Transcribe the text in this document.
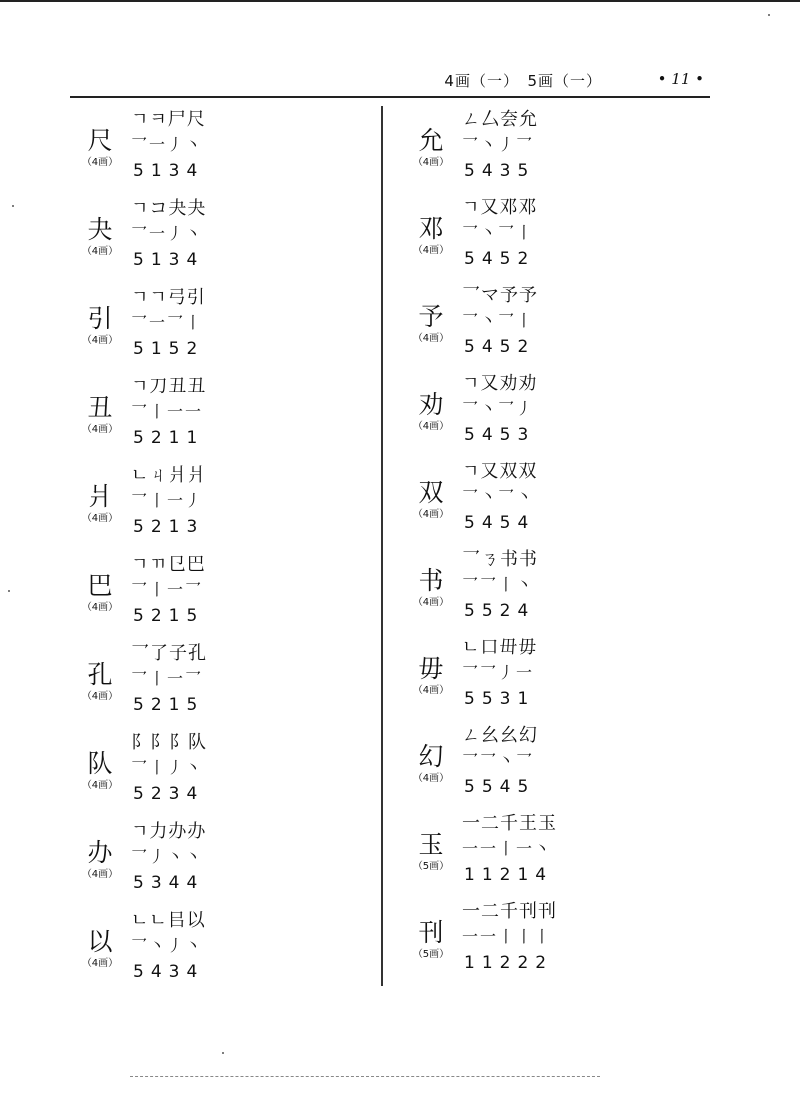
4画（一）　5画（一）	• 11 •
尺
（4画）
ㄱㅋ尸尺
乛一丿丶
5134
夬
（4画）
ㄱコ夬夬
乛一丿丶
5134
引
（4画）
ㄱㄱ弓引
乛一乛丨
5152
丑
（4画）
ㄱ刀丑丑
乛丨一一
5211
爿
（4画）
ㄴㄐ爿爿
乛丨一丿
5213
巴
（4画）
ㄱㄲ㔾巴
乛丨一乛
5215
孔
（4画）
乛了子孔
乛丨一乛
5215
队
（4画）
阝阝阝队
乛丨丿丶
5234
办
（4画）
ㄱ力办办
乛丿丶丶
5344
以
（4画）
ㄴㄴ㠯以
乛丶丿丶
5434
允
（4画）
ㄥ厶夽允
乛丶丿乛
5435
邓
（4画）
ㄱ又邓邓
乛丶乛丨
5452
予
（4画）
乛マ予予
乛丶乛丨
5452
劝
（4画）
ㄱ又劝劝
乛丶乛丿
5453
双
（4画）
ㄱ又双双
乛丶乛丶
5454
书
（4画）
乛ㄋ书书
乛乛丨丶
5524
毋
（4画）
ㄴ口毌毋
乛乛丿一
5531
幻
（4画）
ㄥ幺幺幻
乛乛丶乛
5545
玉
（5画）
一二千王玉
一一丨一丶
11214
刊
（5画）
一二千刊刊
一一丨丨丨
11222
